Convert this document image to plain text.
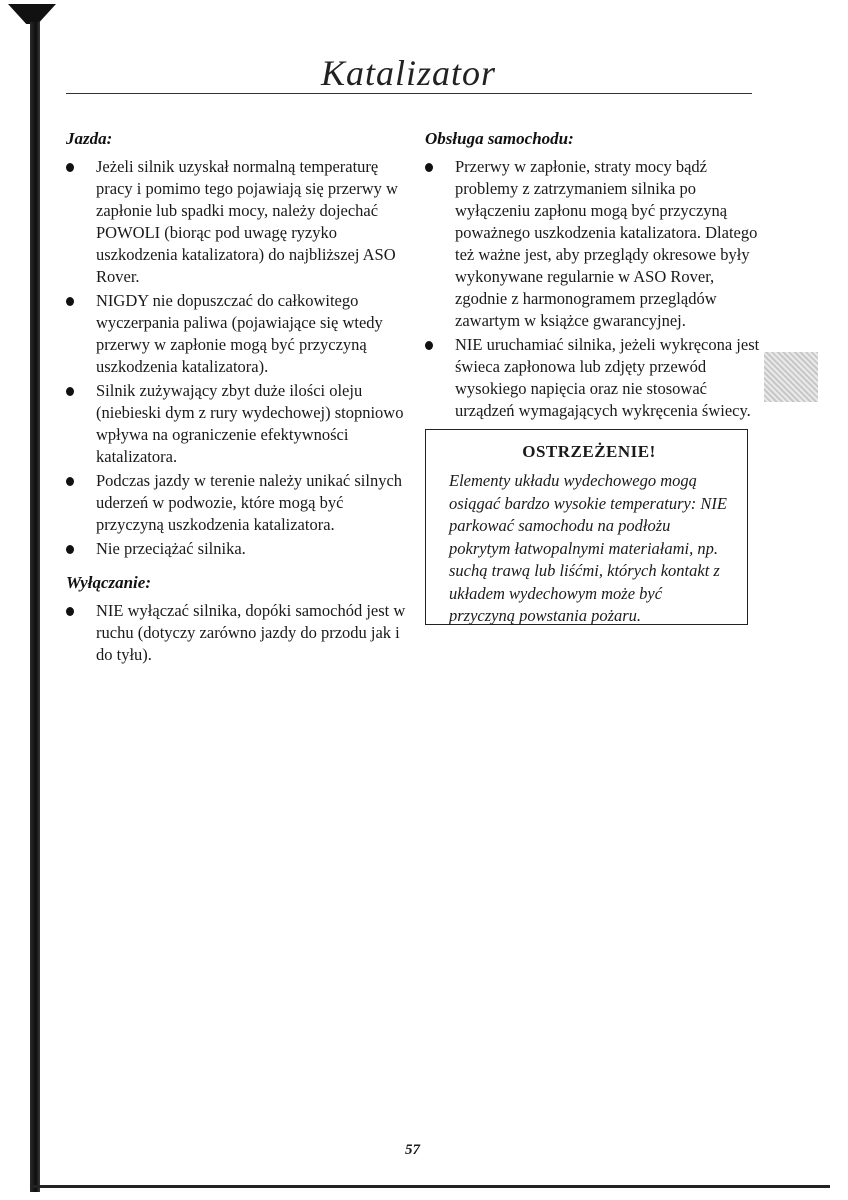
Katalizator
Jazda:
Jeżeli silnik uzyskał normalną temperaturę pracy i pomimo tego pojawiają się przerwy w zapłonie lub spadki mocy, należy dojechać POWOLI (biorąc pod uwagę ryzyko uszkodzenia katalizatora) do najbliższej ASO Rover.
NIGDY nie dopuszczać do całkowitego wyczerpania paliwa (pojawiające się wtedy przerwy w zapłonie mogą być przyczyną uszkodzenia katalizatora).
Silnik zużywający zbyt duże ilości oleju (niebieski dym z rury wydechowej) stopniowo wpływa na ograniczenie efektywności katalizatora.
Podczas jazdy w terenie należy unikać silnych uderzeń w podwozie, które mogą być przyczyną uszkodzenia katalizatora.
Nie przeciążać silnika.
Wyłączanie:
NIE wyłączać silnika, dopóki samochód jest w ruchu (dotyczy zarówno jazdy do przodu jak i do tyłu).
Obsługa samochodu:
Przerwy w zapłonie, straty mocy bądź problemy z zatrzymaniem silnika po wyłączeniu zapłonu mogą być przyczyną poważnego uszkodzenia katalizatora. Dlatego też ważne jest, aby przeglądy okresowe były wykonywane regularnie w ASO Rover, zgodnie z harmonogramem przeglądów zawartym w książce gwarancyjnej.
NIE uruchamiać silnika, jeżeli wykręcona jest świeca zapłonowa lub zdjęty przewód wysokiego napięcia oraz nie stosować urządzeń wymagających wykręcenia świecy.
OSTRZEŻENIE!
Elementy układu wydechowego mogą osiągać bardzo wysokie temperatury: NIE parkować samochodu na podłożu pokrytym łatwopalnymi materiałami, np. suchą trawą lub liśćmi, których kontakt z układem wydechowym może być przyczyną powstania pożaru.
57
